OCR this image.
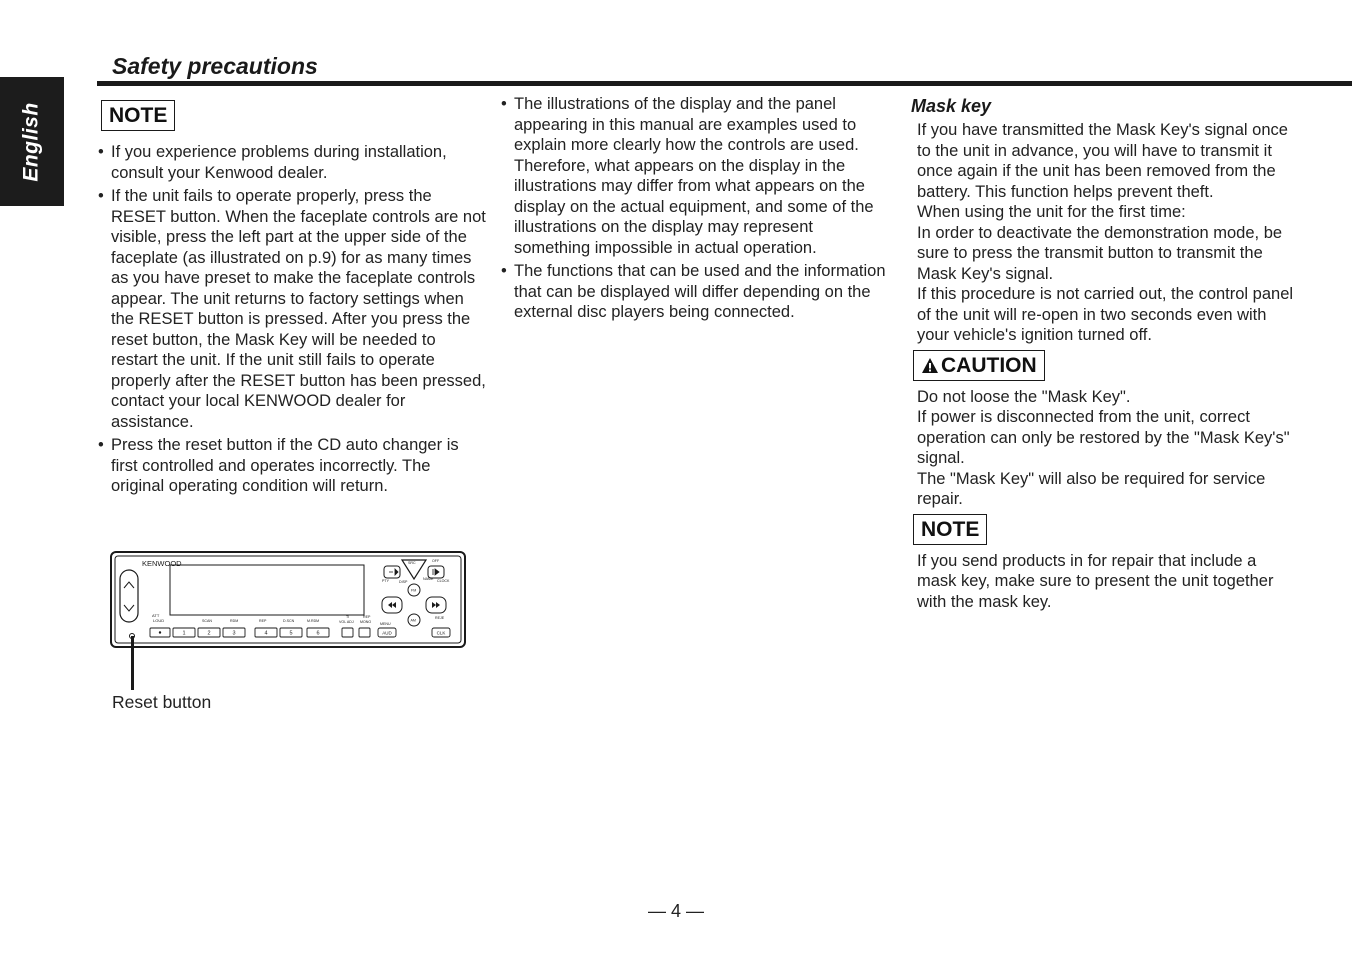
English
Safety precautions
NOTE
• If you experience problems during installation, consult your Kenwood dealer.
• If the unit fails to operate properly, press the RESET button. When the faceplate controls are not visible, press the left part at the upper side of the faceplate (as illustrated on p.9) for as many times as you have preset to make the faceplate controls appear. The unit returns to factory settings when the RESET button is pressed. After you press the reset button, the Mask Key will be needed to restart the unit. If the unit still fails to operate properly after the RESET button has been pressed, contact your local KENWOOD dealer for assistance.
• Press the reset button if the CD auto changer is first controlled and operates incorrectly. The original operating condition will return.
KENWOOD
ATT
LOUD	SCAN	RDM	REP	D.SCN	M.RDM
TI
VOL ADJ
REP
MONO MENU
REJE
1	2	3	4	5	6	AUD	CLK
SRC	OFF
PTY	DISP
NAME CLOCK
FM
AM
Reset button
• The illustrations of the display and the panel appearing in this manual are examples used to explain more clearly how the controls are used. Therefore, what appears on the display in the illustrations may differ from what appears on the display on the actual equipment, and some of the illustrations on the display may represent something impossible in actual operation.
• The functions that can be used and the information that can be displayed will differ depending on the external disc players being connected.
Mask key

If you have transmitted the Mask Key's signal once to the unit in advance, you will have to transmit it once again if the unit has been removed from the battery. This function helps prevent theft.

When using the unit for the first time:

In order to deactivate the demonstration mode, be sure to press the transmit button to transmit the Mask Key's signal.

If this procedure is not carried out, the control panel of the unit will re-open in two seconds even with your vehicle's ignition turned off.

CAUTION

Do not loose the "Mask Key".

If power is disconnected from the unit, correct operation can only be restored by the "Mask Key's" signal.

The "Mask Key" will also be required for service repair.

NOTE

If you send products in for repair that include a mask key, make sure to present the unit together with the mask key.

— 4 —
